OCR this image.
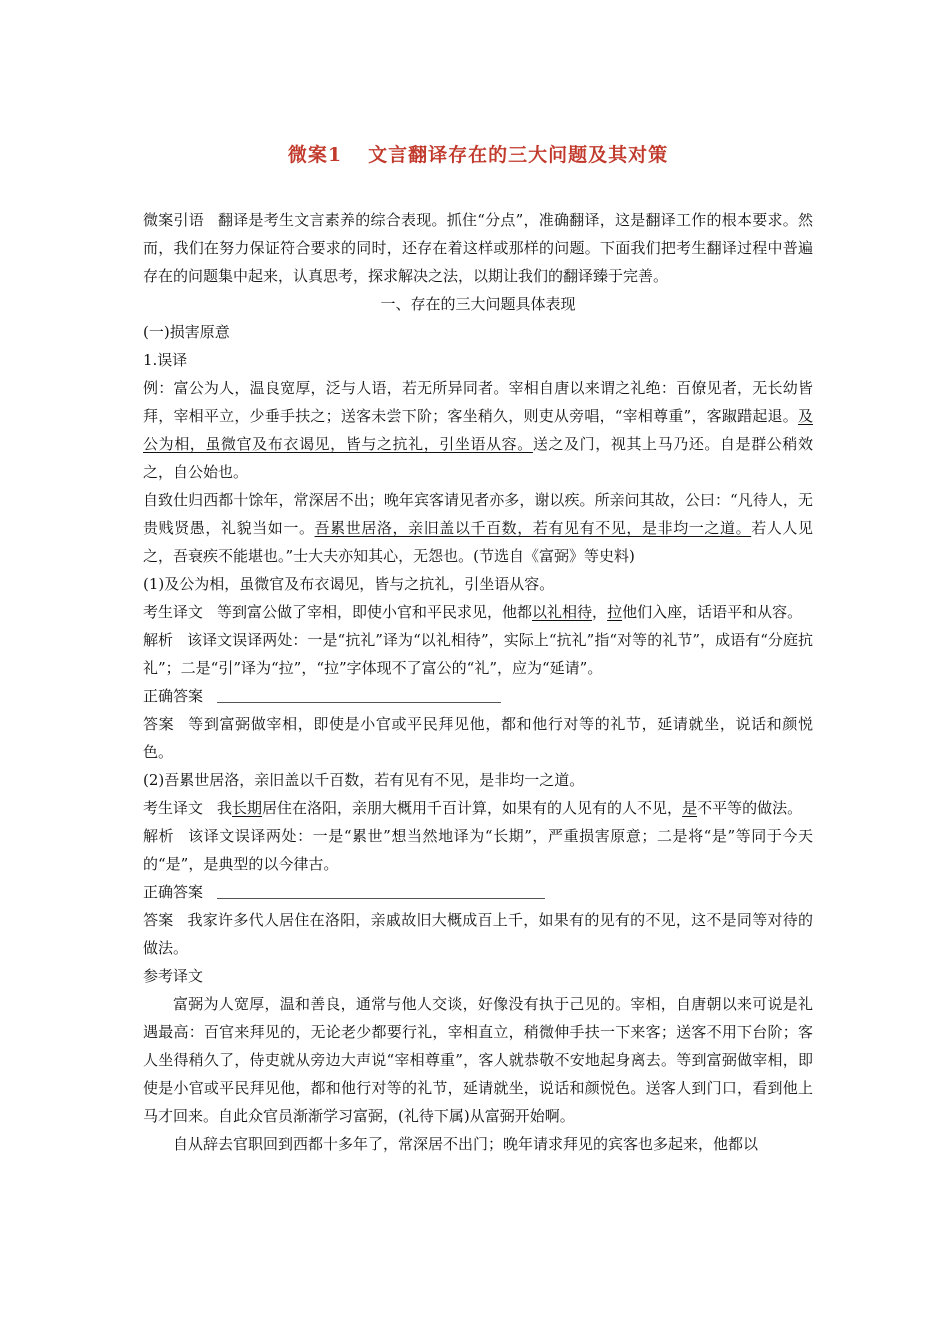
微案1 文言翻译存在的三大问题及其对策

微案引语 翻译是考生文言素养的综合表现。抓住“分点”，准确翻译，这是翻译工作的根本要求。然而，我们在努力保证符合要求的同时，还存在着这样或那样的问题。下面我们把考生翻译过程中普遍存在的问题集中起来，认真思考，探求解决之法，以期让我们的翻译臻于完善。

一、存在的三大问题具体表现

(一)损害原意

1.误译

例：富公为人，温良宽厚，泛与人语，若无所异同者。宰相自唐以来谓之礼绝：百僚见者，无长幼皆拜，宰相平立，少垂手扶之；送客未尝下阶；客坐稍久，则吏从旁唱，“宰相尊重”，客踧踖起退。及公为相，虽微官及布衣谒见，皆与之抗礼，引坐语从容。送之及门，视其上马乃还。自是群公稍效之，自公始也。

自致仕归西都十馀年，常深居不出；晚年宾客请见者亦多，谢以疾。所亲问其故，公曰：“凡待人，无贵贱贤愚，礼貌当如一。吾累世居洛，亲旧盖以千百数，若有见有不见，是非均一之道。若人人见之，吾衰疾不能堪也。”士大夫亦知其心，无怨也。(节选自《富弼》等史料)

(1)及公为相，虽微官及布衣谒见，皆与之抗礼，引坐语从容。

考生译文 等到富公做了宰相，即使小官和平民求见，他都以礼相待，拉他们入座，话语平和从容。

解析 该译文误译两处：一是“抗礼”译为“以礼相待”，实际上“抗礼”指“对等的礼节”，成语有“分庭抗礼”；二是“引”译为“拉”，“拉”字体现不了富公的“礼”，应为“延请”。

正确答案

答案 等到富弼做宰相，即使是小官或平民拜见他，都和他行对等的礼节，延请就坐，说话和颜悦色。

(2)吾累世居洛，亲旧盖以千百数，若有见有不见，是非均一之道。

考生译文 我长期居住在洛阳，亲朋大概用千百计算，如果有的人见有的人不见，是不平等的做法。

解析 该译文误译两处：一是“累世”想当然地译为“长期”，严重损害原意；二是将“是”等同于今天的“是”，是典型的以今律古。

正确答案

答案 我家许多代人居住在洛阳，亲戚故旧大概成百上千，如果有的见有的不见，这不是同等对待的做法。

参考译文

富弼为人宽厚，温和善良，通常与他人交谈，好像没有执于己见的。宰相，自唐朝以来可说是礼遇最高：百官来拜见的，无论老少都要行礼，宰相直立，稍微伸手扶一下来客；送客不用下台阶；客人坐得稍久了，侍吏就从旁边大声说“宰相尊重”，客人就恭敬不安地起身离去。等到富弼做宰相，即使是小官或平民拜见他，都和他行对等的礼节，延请就坐，说话和颜悦色。送客人到门口，看到他上马才回来。自此众官员渐渐学习富弼，(礼待下属)从富弼开始啊。

自从辞去官职回到西都十多年了，常深居不出门；晚年请求拜见的宾客也多起来，他都以
